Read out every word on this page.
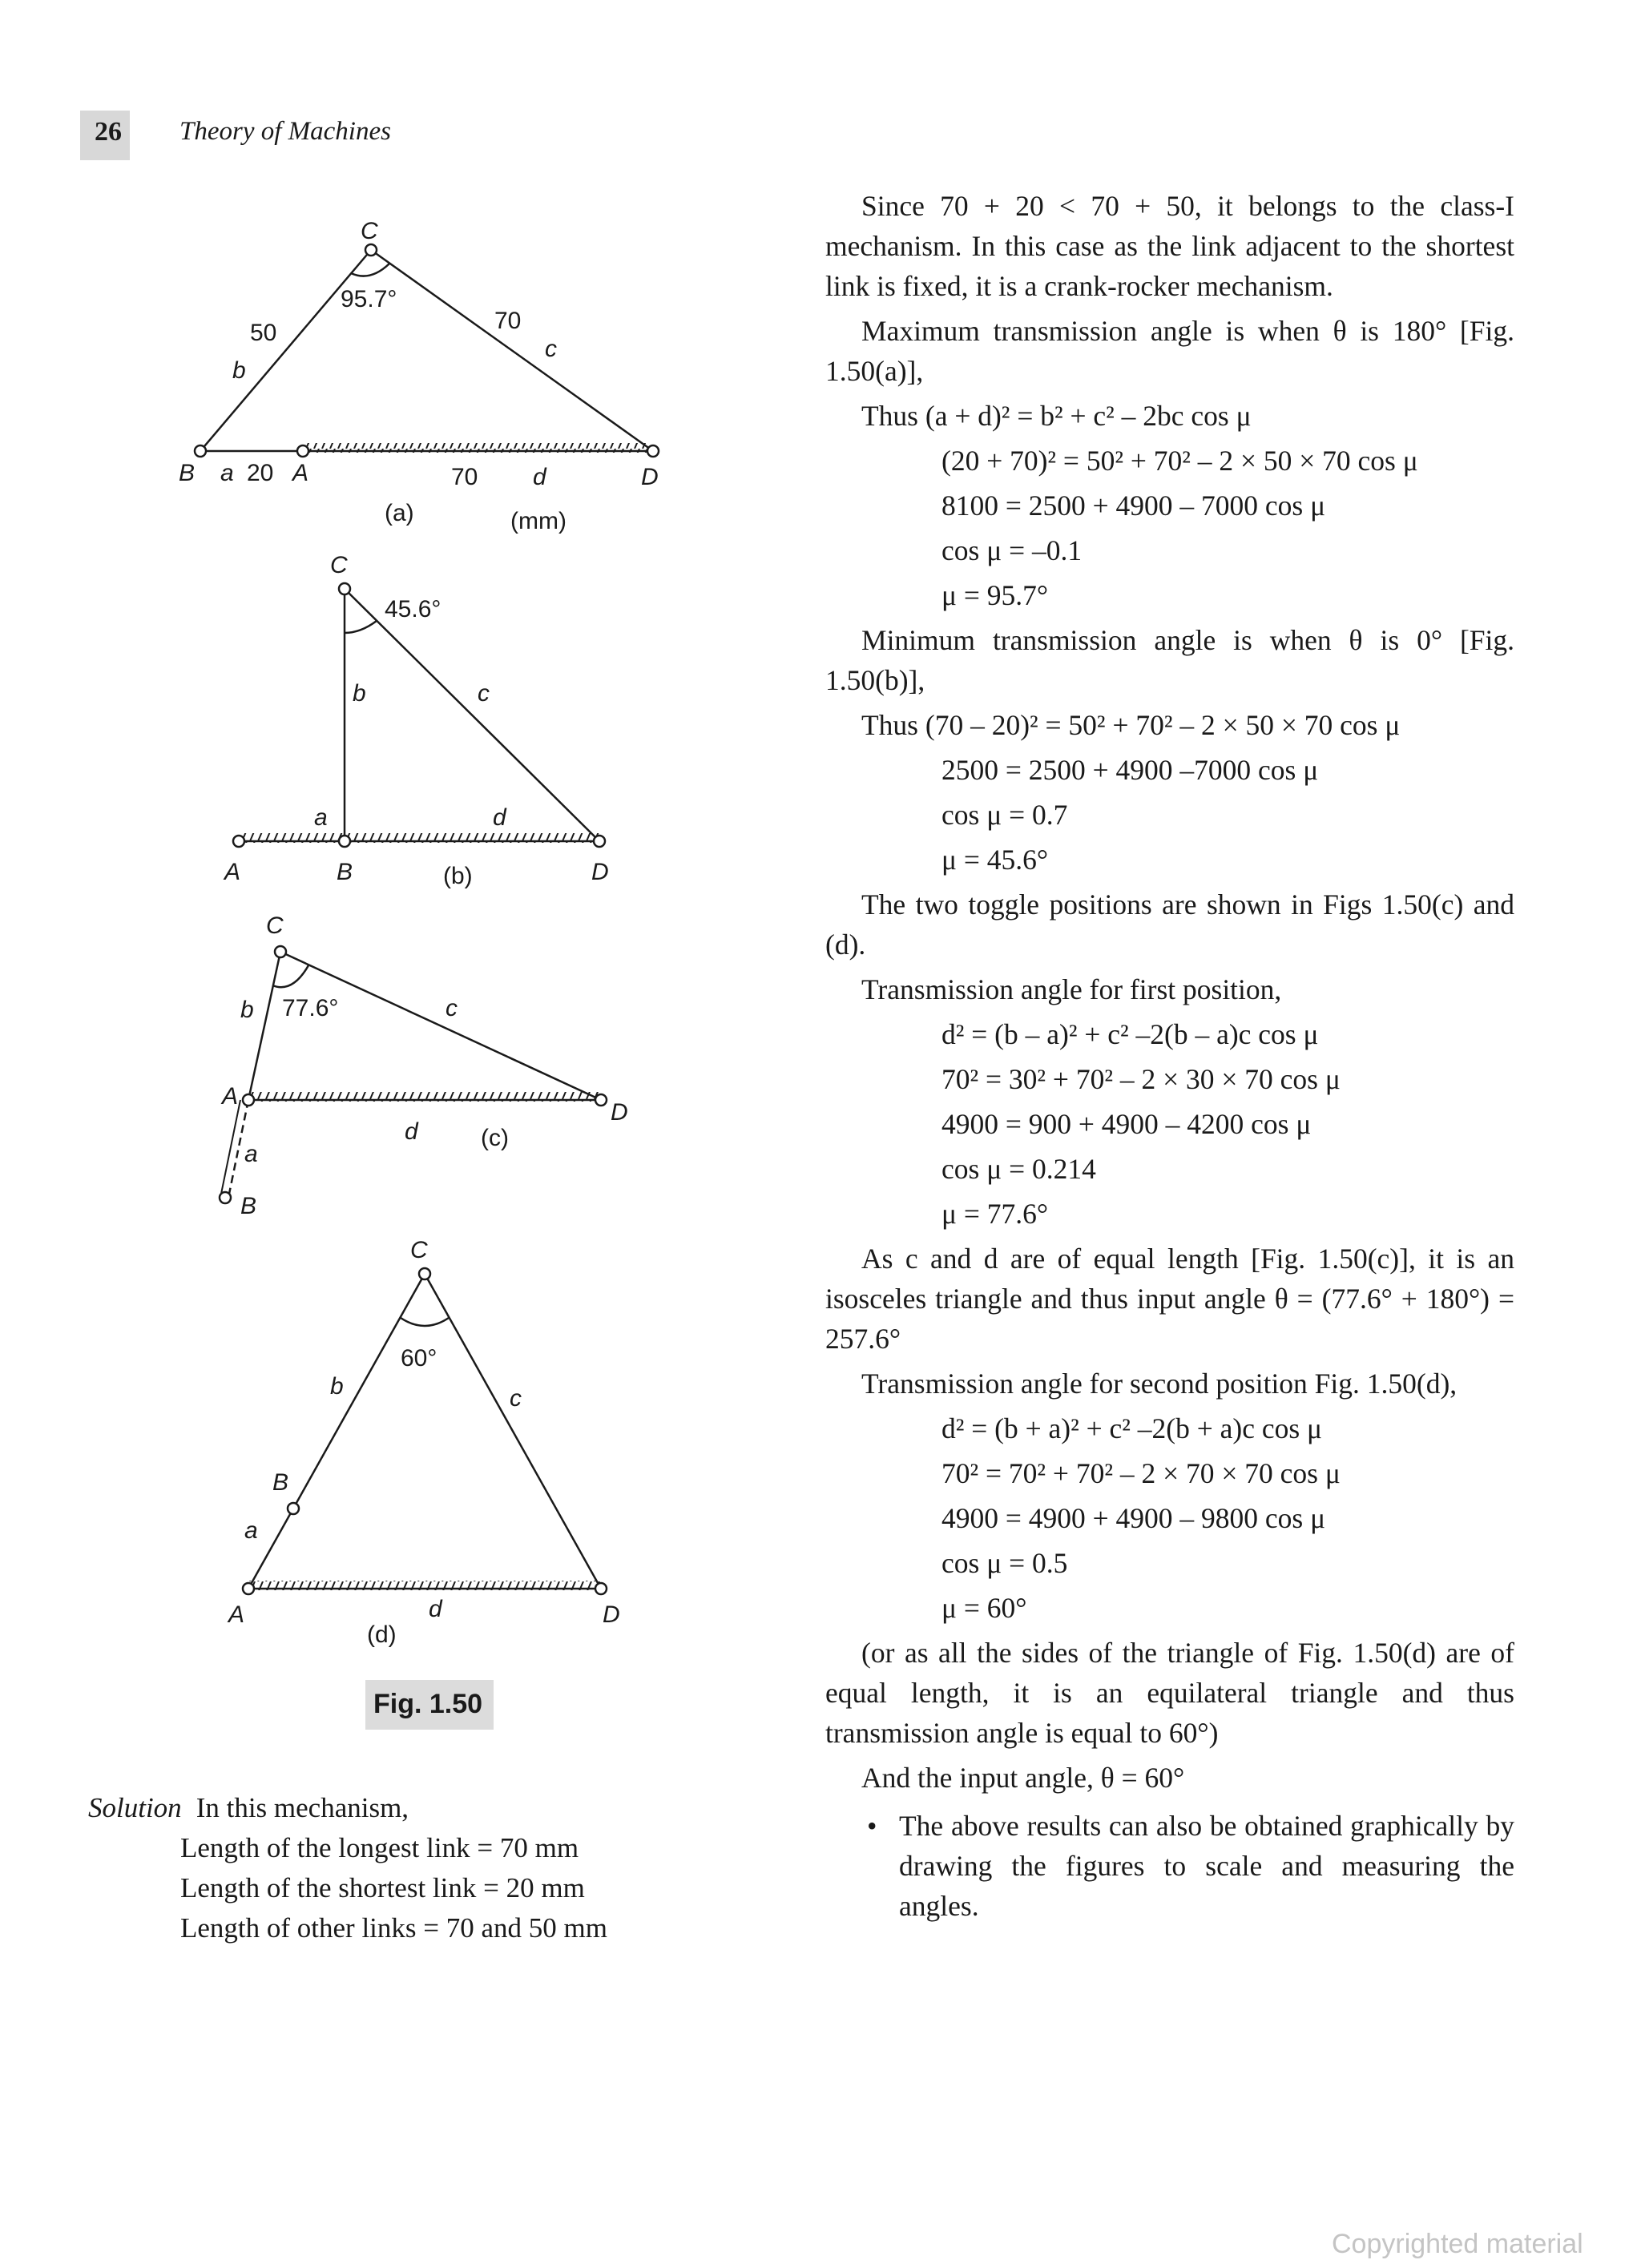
26 Theory of Machines
C
95.7°
50
b
70
c
B a 20 A	70 d	D
(a)	(mm)
C
45.6°
b	c
a	d
A	B	(b)	D
C
b 77.6°	c
A
D
d	(c)
a
B
C
60°
b	c
B
a
A	d	D
(d)
Fig. 1.50
Solution In this mechanism,
Length of the longest link = 70 mm
Length of the shortest link = 20 mm
Length of other links = 70 and 50 mm

Since 70 + 20 < 70 + 50, it belongs to the class-I mechanism. In this case as the link adjacent to the shortest link is fixed, it is a crank-rocker mechanism.

Maximum transmission angle is when θ is 180° [Fig. 1.50(a)],

Thus (a + d)² = b² + c² – 2bc cos μ
(20 + 70)² = 50² + 70² – 2 × 50 × 70 cos μ
8100 = 2500 + 4900 – 7000 cos μ
cos μ = –0.1
μ = 95.7°

Minimum transmission angle is when θ is 0° [Fig. 1.50(b)],

Thus (70 – 20)² = 50² + 70² – 2 × 50 × 70 cos μ
2500 = 2500 + 4900 –7000 cos μ
cos μ = 0.7
μ = 45.6°

The two toggle positions are shown in Figs 1.50(c) and (d).

Transmission angle for first position,

d² = (b – a)² + c² –2(b – a)c cos μ
70² = 30² + 70² – 2 × 30 × 70 cos μ
4900 = 900 + 4900 – 4200 cos μ
cos μ = 0.214
μ = 77.6°

As c and d are of equal length [Fig. 1.50(c)], it is an isosceles triangle and thus input angle θ = (77.6° + 180°) = 257.6°

Transmission angle for second position Fig. 1.50(d),

d² = (b + a)² + c² –2(b + a)c cos μ
70² = 70² + 70² – 2 × 70 × 70 cos μ
4900 = 4900 + 4900 – 9800 cos μ
cos μ = 0.5
μ = 60°

(or as all the sides of the triangle of Fig. 1.50(d) are of equal length, it is an equilateral triangle and thus transmission angle is equal to 60°)

And the input angle, θ = 60°

• The above results can also be obtained graphically by drawing the figures to scale and measuring the angles.
Copyrighted material
